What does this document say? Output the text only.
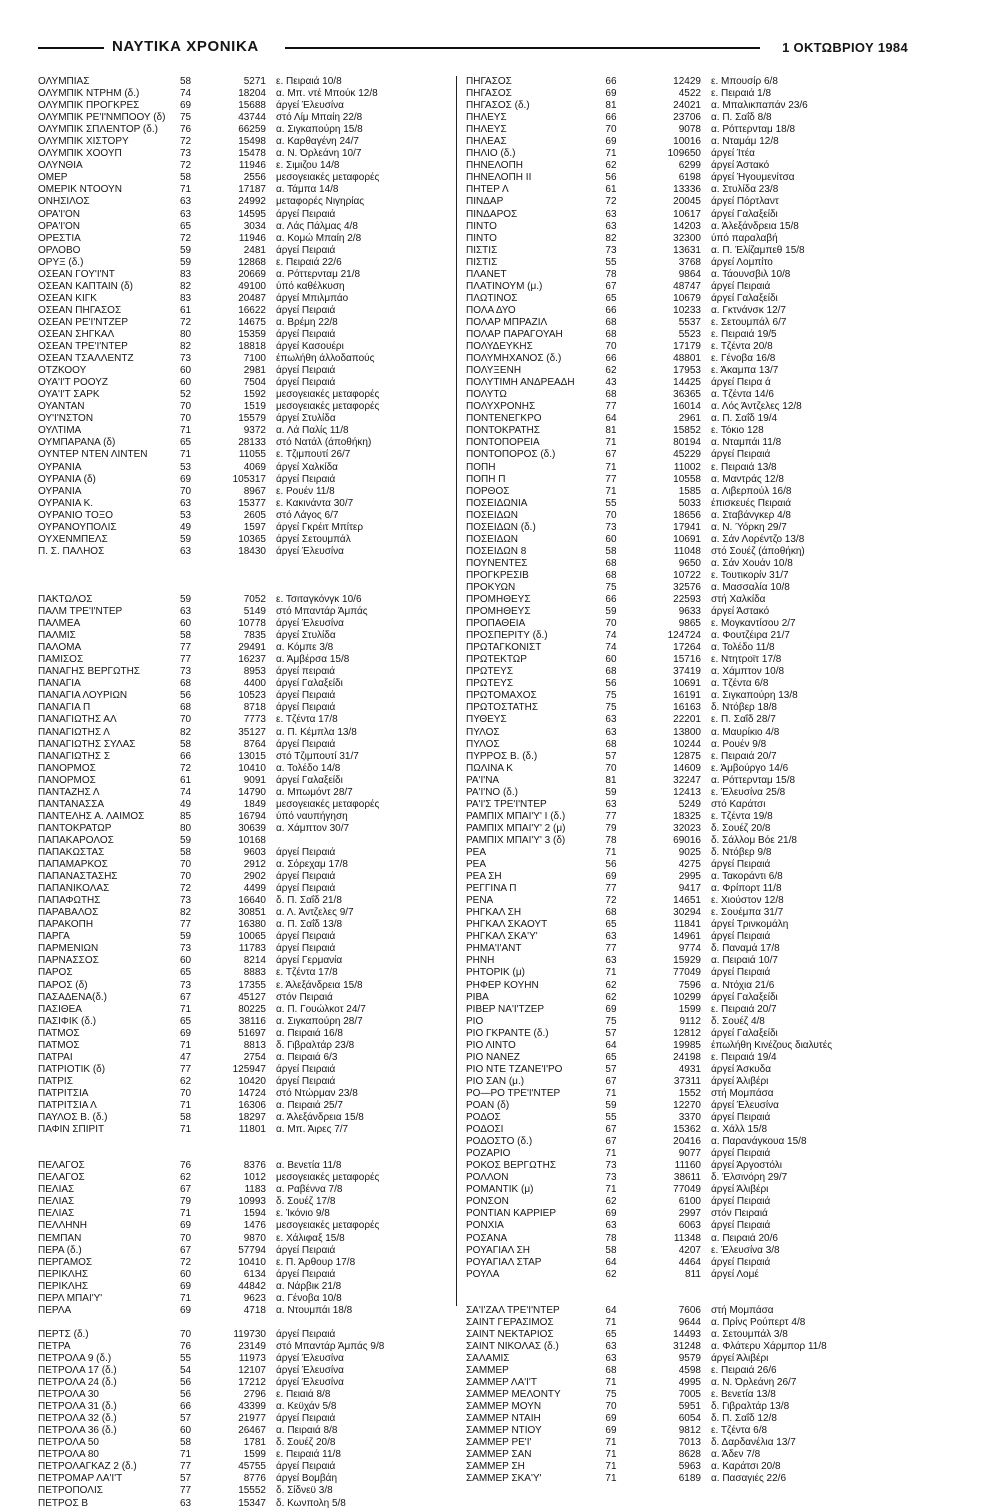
ΝΑΥΤΙΚΑ ΧΡΟΝΙΚΑ	1 ΟΚΤΩΒΡΙΟΥ 1984
ΟΛΥΜΠΙΑΣ	58	5271	ε. Πειραιά 10/8
ΟΛΥΜΠΙΚ ΝΤΡΗΜ (δ.)	74	18204	α. Μπ. ντέ Μπούκ 12/8
ΟΛΥΜΠΙΚ ΠΡΟΓΚΡΕΣ	69	15688	άργεί Έλευσίνα
ΟΛΥΜΠΙΚ ΡΕ'Ι'ΝΜΠΟΟΥ (δ)	75	43744	στό Λίμ Μπαίη 22/8
ΟΛΥΜΠΙΚ ΣΠΛΕΝΤΟΡ (δ.)	76	66259	α. Σιγκαπούρη 15/8
ΟΛΥΜΠΙΚ ΧΙΣΤΟΡΥ	72	15498	α. Καρθαγένη 24/7
ΟΛΥΜΠΙΚ ΧΟΟΥΠ	73	15478	α. Ν. Όρλεάνη 10/7
ΟΛΥΝΘΙΑ	72	11946	ε. Σιμιζου 14/8
ΟΜΕΡ	58	2556	μεσογειακές μεταφορές
ΟΜΕΡΙΚ ΝΤΟΟΥΝ	71	17187	α. Τάμπα 14/8
ΟΝΗΣΙΛΟΣ	63	24992	μεταφορές Νιγηρίας
ΟΡΑ'Ι'ΟΝ	63	14595	άργεί Πειραιά
ΟΡΑ'Ι'ΟΝ	65	3034	α. Λάς Πάλμας 4/8
ΟΡΕΣΤΙΑ	72	11946	α. Κομώ Μπαίη 2/8
ΟΡΛΟΒΟ	59	2481	άργεί Πειραιά
ΟΡΥΞ (δ.)	59	12868	ε. Πειραιά 22/6
ΟΣΕΑΝ ΓΟΥ'Ι'ΝΤ	83	20669	α. Ρόττερνταμ 21/8
ΟΣΕΑΝ ΚΑΠΤΑΙΝ (δ)	82	49100	ύπό καθέλκυση
ΟΣΕΑΝ ΚΙΓΚ	83	20487	άργεί Μπιλμπάο
ΟΣΕΑΝ ΠΗΓΑΣΟΣ	61	16622	άργεί Πειραιά
ΟΣΕΑΝ ΡΕ'Ι'ΝΤΖΕΡ	72	14675	α. Βρέμη 22/8
ΟΣΕΑΝ ΣΗΓΚΑΛ	80	15359	άργεί Πειραιά
ΟΣΕΑΝ ΤΡΕ'Ι'ΝΤΕΡ	82	18818	άργεί Κασουέρι
ΟΣΕΑΝ ΤΣΑΛΛΕΝΤΖ	73	7100	έπωλήθη άλλοδαπούς
ΟΤΖΚΟΟΥ	60	2981	άργεί Πειραιά
ΟΥΑ'Ι'Τ ΡΟΟΥΖ	60	7504	άργεί Πειραιά
ΟΥΑ'Ι'Τ ΣΑΡΚ	52	1592	μεσογειακές μεταφορές
ΟΥΑΝΤΑΝ	70	1519	μεσογειακές μεταφορές
ΟΥ'Ι'ΝΣΤΟΝ	70	15579	άργεί Στυλίδα
ΟΥΛΤΙΜΑ	71	9372	α. Λά Παλίς 11/8
ΟΥΜΠΑΡΑΝΑ (δ)	65	28133	στό Νατάλ (άποθήκη)
ΟΥΝΤΕΡ ΝΤΕΝ ΛΙΝΤΕΝ	71	11055	ε. Τζιμπουτί 26/7
ΟΥΡΑΝΙΑ	53	4069	άργεί Χαλκίδα
ΟΥΡΑΝΙΑ (δ)	69	105317	άργεί Πειραιά
ΟΥΡΑΝΙΑ	70	8967	ε. Ρουέν 11/8
ΟΥΡΑΝΙΑ Κ.	63	15377	ε. Κακινάντα 30/7
ΟΥΡΑΝΙΟ ΤΟΞΟ	53	2605	στό Λάγος 6/7
ΟΥΡΑΝΟΥΠΟΛΙΣ	49	1597	άργεί Γκρέιτ Μπίτερ
ΟΥΧΕΝΜΠΕΛΣ	59	10365	άργεί Σετουμπάλ
Π. Σ. ΠΑΛΗΟΣ	63	18430	άργεί Έλευσίνα
ΠΑΚΤΩΛΟΣ	59	7052	ε. Τσιταγκόνγκ 10/6
ΠΑΛΜ ΤΡΕ'Ι'ΝΤΕΡ	63	5149	στό Μπαντάρ Άμπάς
ΠΑΛΜΕΑ	60	10778	άργεί Έλευσίνα
ΠΑΛΜΙΣ	58	7835	άργεί Στυλίδα
ΠΑΛΟΜΑ	77	29491	α. Κόμπε 3/8
ΠΑΜΙΣΟΣ	77	16237	α. Άμβέρσα 15/8
ΠΑΝΑΓΗΣ ΒΕΡΓΩΤΗΣ	73	8953	άργεί πειραιά
ΠΑΝΑΓΙΑ	68	4400	άργεί Γαλαξείδι
ΠΑΝΑΓΙΑ ΛΟΥΡΙΩΝ	56	10523	άργεί Πειραιά
ΠΑΝΑΓΙΑ Π	68	8718	άργεί Πειραιά
ΠΑΝΑΓΙΩΤΗΣ ΑΛ	70	7773	ε. Τζέντα 17/8
ΠΑΝΑΓΙΩΤΗΣ Λ	82	35127	α. Π. Κέμπλα 13/8
ΠΑΝΑΓΙΩΤΗΣ ΣΥΛΑΣ	58	8764	άργεί Πειραιά
ΠΑΝΑΓΙΩΤΗΣ Σ	66	13015	στό Τζιμπουτί 31/7
ΠΑΝΟΡΜΟΣ	72	10410	α. Τολέδο 14/8
ΠΑΝΟΡΜΟΣ	61	9091	άργεί Γαλαξείδι
ΠΑΝΤΑΖΗΣ Λ	74	14790	α. Μπωμόντ 28/7
ΠΑΝΤΑΝΑΣΣΑ	49	1849	μεσογειακές μεταφορές
ΠΑΝΤΕΛΗΣ Α. ΛΑΙΜΟΣ	85	16794	ύπό ναυπήγηση
ΠΑΝΤΟΚΡΑΤΩΡ	80	30639	α. Χάμπτον 30/7
ΠΑΠΑΚΑΡΟΛΟΣ	59	10168
ΠΑΠΑΚΩΣΤΑΣ	58	9603	άργεί Πειραιά
ΠΑΠΑΜΑΡΚΟΣ	70	2912	α. Σόρεχαμ 17/8
ΠΑΠΑΝΑΣΤΑΣΗΣ	70	2902	άργεί Πειραιά
ΠΑΠΑΝΙΚΟΛΑΣ	72	4499	άργεί Πειραιά
ΠΑΠΑΦΩΤΗΣ	73	16640	δ. Π. Σαΐδ 21/8
ΠΑΡΑΒΑΛΟΣ	82	30851	α. Λ. Άντζελες 9/7
ΠΑΡΑΚΟΠΗ	77	16380	α. Π. Σαΐδ 13/8
ΠΑΡΓΑ	59	10065	άργεί Πειραιά
ΠΑΡΜΕΝΙΩΝ	73	11783	άργεί Πειραιά
ΠΑΡΝΑΣΣΟΣ	60	8214	άργεί Γερμανία
ΠΑΡΟΣ	65	8883	ε. Τζέντα 17/8
ΠΑΡΟΣ (δ)	73	17355	ε. Άλεξάνδρεια 15/8
ΠΑΣΑΔΕΝΑ(δ.)	67	45127	στόν Πειραιά
ΠΑΣΙΘΕΑ	71	80225	α. Π. Γουώλκοτ 24/7
ΠΑΣΙΦΙΚ (δ.)	65	38116	α. Σιγκαπούρη 28/7
ΠΑΤΜΟΣ	69	51697	α. Πειραιά 16/8
ΠΑΤΜΟΣ	71	8813	δ. Γιβραλτάρ 23/8
ΠΑΤΡΑΙ	47	2754	α. Πειραιά 6/3
ΠΑΤΡΙΟΤΙΚ (δ)	77	125947	άργεί Πειραιά
ΠΑΤΡΙΣ	62	10420	άργεί Πειραιά
ΠΑΤΡΙΤΣΙΑ	70	14724	στό Ντώρμαν 23/8
ΠΑΤΡΙΤΣΙΑ Λ	71	16306	α. Πειραιά 25/7
ΠΑΥΛΟΣ Β. (δ.)	58	18297	α. Άλεξάνδρεια 15/8
ΠΑΦΙΝ ΣΠΙΡΙΤ	71	11801	α. Μπ. Άιρες 7/7
ΠΕΛΑΓΟΣ	76	8376	α. Βενετία 11/8
ΠΕΛΑΓΟΣ	62	1012	μεσογειακές μεταφορές
ΠΕΛΙΑΣ	67	1183	α. Ραβέννα 7/8
ΠΕΛΙΑΣ	79	10993	δ. Σουέζ 17/8
ΠΕΛΙΑΣ	71	1594	ε. Ίκόνιο 9/8
ΠΕΛΛΗΝΗ	69	1476	μεσογειακές μεταφορές
ΠΕΜΠΑΝ	70	9870	ε. Χάλιφαξ 15/8
ΠΕΡΑ (δ.)	67	57794	άργεί Πειραιά
ΠΕΡΓΑΜΟΣ	72	10410	ε. Π. Άρθουρ 17/8
ΠΕΡΙΚΛΗΣ	60	6134	άργεί Πειραιά
ΠΕΡΙΚΛΗΣ	69	44842	α. Νάρβικ 21/8
ΠΕΡΛ ΜΠΑΙ'Υ'	71	9623	α. Γένοβα 10/8
ΠΕΡΛΑ	69	4718	α. Ντουμπάι 18/8
ΠΕΡΤΣ (δ.)	70	119730	άργεί Πειραιά
ΠΕΤΡΑ	76	23149	στό Μπαντάρ Άμπάς 9/8
ΠΕΤΡΟΛΑ 9 (δ.)	55	11973	άργεί Έλευσίνα
ΠΕΤΡΟΛΑ 17 (δ.)	54	12107	άργεί Έλευσίνα
ΠΕΤΡΟΛΑ 24 (δ.)	56	17212	άργεί Έλευσίνα
ΠΕΤΡΟΛΑ 30	56	2796	ε. Πειαιά 8/8
ΠΕΤΡΟΛΑ 31 (δ.)	66	43399	α. Κεϋχάν 5/8
ΠΕΤΡΟΛΑ 32 (δ.)	57	21977	άργεί Πειραιά
ΠΕΤΡΟΛΑ 36 (δ.)	60	26467	α. Πειραιά 8/8
ΠΕΤΡΟΛΑ 50	58	1781	δ. Σουέζ 20/8
ΠΕΤΡΟΛΑ 80	71	1599	ε. Πειραιά 11/8
ΠΕΤΡΟΛΑΓΚΑΖ 2 (δ.)	77	45755	άργεί Πειραιά
ΠΕΤΡΟΜΑΡ ΛΑ'Ι'Τ	57	8776	άργεί Βομβάη
ΠΕΤΡΟΠΟΛΙΣ	77	15552	δ. Σίδνεϋ 3/8
ΠΕΤΡΟΣ Β	63	15347	δ. Κωνπολη 5/8
ΠΗΓΑΣΟΣ	66	12429	ε. Μπουσίρ 6/8
ΠΗΓΑΣΟΣ	69	4522	ε. Πειραιά 1/8
ΠΗΓΑΣΟΣ (δ.)	81	24021	α. Μπαλικπαπάν 23/6
ΠΗΛΕΥΣ	66	23706	α. Π. Σαΐδ 8/8
ΠΗΛΕΥΣ	70	9078	α. Ρόττερνταμ 18/8
ΠΗΛΕΑΣ	69	10016	α. Νταμάμ 12/8
ΠΗΛΙΟ (δ.)	71	109650	άργεί Ίτέα
ΠΗΝΕΛΟΠΗ	62	6299	άργεί Άστακό
ΠΗΝΕΛΟΠΗ ΙΙ	56	6198	άργεί Ήγουμενίτσα
ΠΗΤΕΡ Λ	61	13336	α. Στυλίδα 23/8
ΠΙΝΔΑΡ	72	20045	άργεί Πόρτλαντ
ΠΙΝΔΑΡΟΣ	63	10617	άργεί Γαλαξείδι
ΠΙΝΤΟ	63	14203	α. Άλεξάνδρεια 15/8
ΠΙΝΤΟ	82	32300	ύπό παραλαβή
ΠΙΣΤΙΣ	73	13631	α. Π. Έλίζαμπεθ 15/8
ΠΙΣΤΙΣ	55	3768	άργεί Λομπίτο
ΠΛΑΝΕΤ	78	9864	α. Τάουνσβιλ 10/8
ΠΛΑΤΙΝΟΥΜ (μ.)	67	48747	άργεί Πειραιά
ΠΛΩΤΙΝΟΣ	65	10679	άργεί Γαλαξείδι
ΠΟΛΑ ΔΥΟ	66	10233	α. Γκτνάνσκ 12/7
ΠΟΛΑΡ ΜΠΡΑΖΙΛ	68	5537	ε. Σετουμπάλ 6/7
ΠΟΛΑΡ ΠΑΡΑΓΟΥΑΗ	68	5523	ε. Πειραιά 19/5
ΠΟΛΥΔΕΥΚΗΣ	70	17179	ε. Τζέντα 20/8
ΠΟΛΥΜΗΧΑΝΟΣ (δ.)	66	48801	ε. Γένοβα 16/8
ΠΟΛΥΞΕΝΗ	62	17953	ε. Άκαμπα 13/7
ΠΟΛΥΤΙΜΗ ΑΝΔΡΕΑΔΗ	43	14425	άργεί Πειρα ά
ΠΟΛΥΤΩ	68	36365	α. Τζέντα 14/6
ΠΟΛΥΧΡΟΝΗΣ	77	16014	α. Λός Άντζελες 12/8
ΠΟΝΤΕΝΕΓΚΡΟ	64	2961	α. Π. Σαΐδ 19/4
ΠΟΝΤΟΚΡΑΤΗΣ	81	15852	ε. Τόκιο 128
ΠΟΝΤΟΠΟΡΕΙΑ	71	80194	α. Νταμπάι 11/8
ΠΟΝΤΟΠΟΡΟΣ (δ.)	67	45229	άργεί Πειραιά
ΠΟΠΗ	71	11002	ε. Πειραιά 13/8
ΠΟΠΗ Π	77	10558	α. Μαντράς 12/8
ΠΟΡΘΟΣ	71	1585	α. Λιβερπούλ 16/8
ΠΟΣΕΙΔΩΝΙΑ	55	5033	έπισκευές Πειραιά
ΠΟΣΕΙΔΩΝ	70	18656	α. Σταβάνγκερ 4/8
ΠΟΣΕΙΔΩΝ (δ.)	73	17941	α. Ν. Ύόρκη 29/7
ΠΟΣΕΙΔΩΝ	60	10691	α. Σάν Λορέντζο 13/8
ΠΟΣΕΙΔΩΝ 8	58	11048	στό Σουέζ (άποθήκη)
ΠΟΥΝΕΝΤΕΣ	68	9650	α. Σάν Χουάν 10/8
ΠΡΟΓΚΡΕΣΙΒ	68	10722	ε. Τουτικορίν 31/7
ΠΡΟΚΥΩΝ	75	32576	α. Μασσαλία 10/8
ΠΡΟΜΗΘΕΥΣ	66	22593	στή Χαλκίδα
ΠΡΟΜΗΘΕΥΣ	59	9633	άργεί Άστακό
ΠΡΟΠΑΘΕΙΑ	70	9865	ε. Μογκαντίσου 2/7
ΠΡΟΣΠΕΡΙΤΥ (δ.)	74	124724	α. Φουτζέιρα 21/7
ΠΡΩΤΑΓΚΟΝΙΣΤ	74	17264	α. Τολέδο 11/8
ΠΡΩΤΕΚΤΩΡ	60	15716	ε. Ντητροϊτ 17/8
ΠΡΩΤΕΥΣ	68	37419	α. Χάμπτον 10/8
ΠΡΩΤΕΥΣ	56	10691	α. Τζέντα 6/8
ΠΡΩΤΟΜΑΧΟΣ	75	16191	α. Σιγκαπούρη 13/8
ΠΡΩΤΟΣΤΑΤΗΣ	75	16163	δ. Ντόβερ 18/8
ΠΥΘΕΥΣ	63	22201	ε. Π. Σαΐδ 28/7
ΠΥΛΟΣ	63	13800	α. Μαυρίκιο 4/8
ΠΥΛΟΣ	68	10244	α. Ρουέν 9/8
ΠΥΡΡΟΣ Β. (δ.)	57	12875	ε. Πειραιά 20/7
ΠΩΛΙΝΑ Κ	70	14609	ε. Άμβούργο 14/6
ΡΑ'Ι'ΝΑ	81	32247	α. Ρόττερνταμ 15/8
ΡΑ'Ι'ΝΟ (δ.)	59	12413	ε. Έλευσίνα 25/8
ΡΑ'Ι'Σ ΤΡΕ'Ι'ΝΤΕΡ	63	5249	στό Καράτσι
ΡΑΜΠΙΧ ΜΠΑΙ'Υ' Ι (δ.)	77	18325	ε. Τζέντα 19/8
ΡΑΜΠΙΧ ΜΠΑΙ'Υ' 2 (μ)	79	32023	δ. Σουέζ 20/8
ΡΑΜΠΙΧ ΜΠΑΙ'Υ' 3 (δ)	78	69016	δ. Σάλλομ Βόε 21/8
ΡΕΑ	71	9025	δ. Ντόβερ 9/8
ΡΕΑ	56	4275	άργεί Πειραιά
ΡΕΑ ΣΗ	69	2995	α. Τακοράντι 6/8
ΡΕΓΓΙΝΑ Π	77	9417	α. Φρίπορτ 11/8
ΡΕΝΑ	72	14651	ε. Χιούστον 12/8
ΡΗΓΚΑΛ ΣΗ	68	30294	ε. Σουέμπα 31/7
ΡΗΓΚΑΛ ΣΚΑΟΥΤ	65	11841	άργεί Τρινκομάλη
ΡΗΓΚΑΛ ΣΚΑ'Υ'	63	14961	άργεί Πειραιά
ΡΗΜΑ'Ι'ΑΝΤ	77	9774	δ. Παναμά 17/8
ΡΗΝΗ	63	15929	α. Πειραιά 10/7
ΡΗΤΟΡΙΚ (μ)	71	77049	άργεί Πειραιά
ΡΗΦΕΡ ΚΟΥΗΝ	62	7596	α. Ντόχια 21/6
ΡΙΒΑ	62	10299	άργεί Γαλαξείδι
ΡΙΒΕΡ ΝΑ'Ι'ΤΖΕΡ	69	1599	ε. Πειραιά 20/7
ΡΙΟ	75	9112	δ. Σουέζ 4/8
ΡΙΟ ΓΚΡΑΝΤΕ (δ.)	57	12812	άργεί Γαλαξείδι
ΡΙΟ ΛΙΝΤΟ	64	19985	έπωλήθη Κινέζους διαλυτές
ΡΙΟ ΝΑΝΕΖ	65	24198	ε. Πειραιά 19/4
ΡΙΟ ΝΤΕ ΤΖΑΝΕ'Ι'ΡΟ	57	4931	άργεί Άσκυδα
ΡΙΟ ΣΑΝ (μ.)	67	37311	άργεί Άλιβέρι
ΡΟ—ΡΟ ΤΡΕ'Ι'ΝΤΕΡ	71	1552	στή Μομπάσα
ΡΟΑΝ (δ)	59	12270	άργεί Έλευσίνα
ΡΟΔΟΣ	55	3370	άργεί Πειραιά
ΡΟΔΟΣΙ	67	15362	α. Χάλλ 15/8
ΡΟΔΟΣΤΟ (δ.)	67	20416	α. Παρανάγκουα 15/8
ΡΟΖΑΡΙΟ	71	9077	άργεί Πειραιά
ΡΟΚΟΣ ΒΕΡΓΩΤΗΣ	73	11160	άργεί Άργοστόλι
ΡΟΛΛΟΝ	73	38611	δ. Έλσινόρη 29/7
ΡΟΜΑΝΤΙΚ (μ)	71	77049	άργεί Άλιβέρι
ΡΟΝΣΟΝ	62	6100	άργεί Πειραιά
ΡΟΝΤΙΑΝ ΚΑΡΡΙΕΡ	69	2997	στόν Πειραιά
ΡΟΝΧΙΑ	63	6063	άργεί Πειραιά
ΡΟΣΑΝΑ	78	11348	α. Πειραιά 20/6
ΡΟΥΑΓΙΑΛ ΣΗ	58	4207	ε. Έλευσίνα 3/8
ΡΟΥΑΓΙΑΛ ΣΤΑΡ	64	4464	άργεί Πειραιά
ΡΟΥΛΑ	62	811	άργεί Λομέ
ΣΑ'Ι'ΖΑΛ ΤΡΕ'Ι'ΝΤΕΡ	64	7606	στή Μομπάσα
ΣΑΙΝΤ ΓΕΡΑΣΙΜΟΣ	71	9644	α. Πρίνς Ρούπερτ 4/8
ΣΑΙΝΤ ΝΕΚΤΑΡΙΟΣ	65	14493	α. Σετουμπάλ 3/8
ΣΑΙΝΤ ΝΙΚΟΛΑΣ (δ.)	63	31248	α. Φλάτερυ Χάρμπορ 11/8
ΣΑΛΑΜΙΣ	63	9579	άργεί Άλιβέρι
ΣΑΜΜΕΡ	68	4598	ε. Πειραιά 26/6
ΣΑΜΜΕΡ ΛΑ'Ι'Τ	71	4995	α. Ν. Όρλεάνη 26/7
ΣΑΜΜΕΡ ΜΕΛΟΝΤΥ	75	7005	ε. Βενετία 13/8
ΣΑΜΜΕΡ ΜΟΥΝ	70	5951	δ. Γιβραλτάρ 13/8
ΣΑΜΜΕΡ ΝΤΑΙΗ	69	6054	δ. Π. Σαΐδ 12/8
ΣΑΜΜΕΡ ΝΤΙΟΥ	69	9812	ε. Τζέντα 6/8
ΣΑΜΜΕΡ ΡΕ'Ι'	71	7013	δ. Δαρδανέλια 13/7
ΣΑΜΜΕΡ ΣΑΝ	71	8628	α. Άδεν 7/8
ΣΑΜΜΕΡ ΣΗ	71	5963	α. Καράτσι 20/8
ΣΑΜΜΕΡ ΣΚΑ'Υ'	71	6189	α. Πασαγιές 22/6
